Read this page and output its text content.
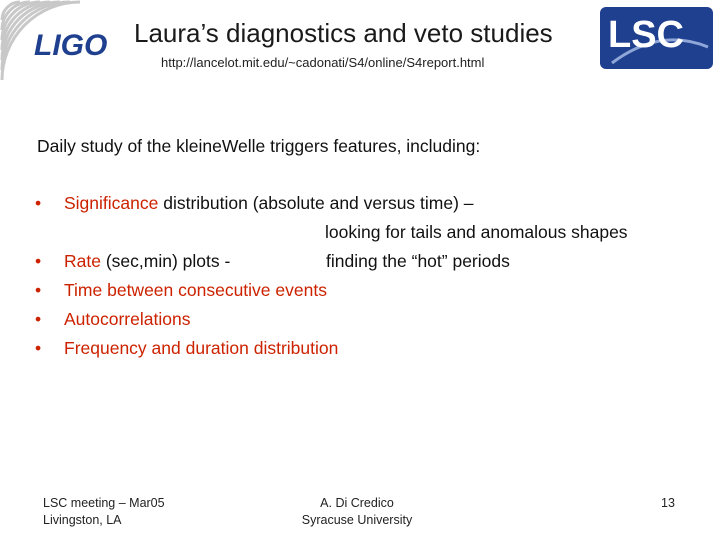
LIGO	LSC
Laura’s diagnostics and veto studies
http://lancelot.mit.edu/~cadonati/S4/online/S4report.html
Daily study of the kleineWelle triggers features, including:
• Significance distribution (absolute and versus time) –
looking for tails and anomalous shapes
• Rate (sec,min) plots -	finding the “hot” periods
• Time between consecutive events
• Autocorrelations
• Frequency and duration distribution
LSC meeting – Mar05
Livingston, LA
A. Di Credico
Syracuse University
13
